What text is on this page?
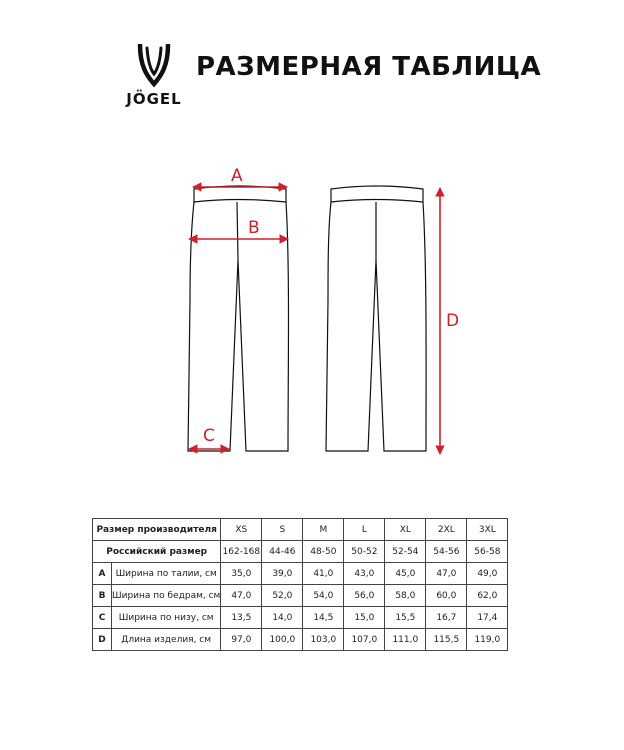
JÖGEL
РАЗМЕРНАЯ ТАБЛИЦА
A
B
C
D
Размер производителя		XS	S	M	L	XL	2XL	3XL
Российский размер		162-168	44-46	48-50	50-52	52-54	54-56	56-58
A	Ширина по талии, см	35,0	39,0	41,0	43,0	45,0	47,0	49,0
B	Ширина по бедрам, см	47,0	52,0	54,0	56,0	58,0	60,0	62,0
C	Ширина по низу, см	13,5	14,0	14,5	15,0	15,5	16,7	17,4
D	Длина изделия, см	97,0	100,0	103,0	107,0	111,0	115,5	119,0
